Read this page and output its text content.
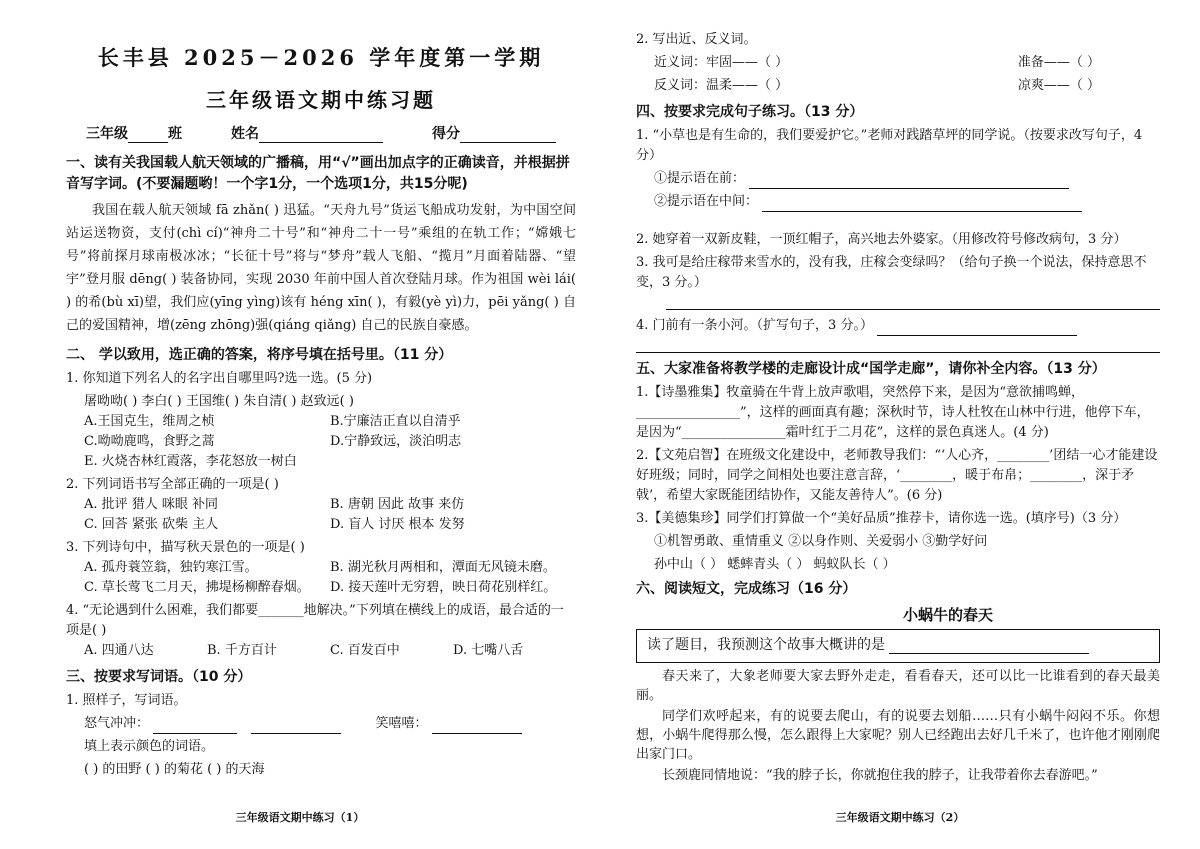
长丰县 2025－2026 学年度第一学期
三年级语文期中练习题
三年级	班	姓名	得分
一、读有关我国载人航天领域的广播稿，用“√”画出加点字的正确读音，并根据拼音写字词。(不要漏题哟！一个字1分，一个选项1分，共15分呢)
我国在载人航天领域 fā zhǎn( ) 迅猛。“天舟九号”货运飞船成功发射，为中国空间站运送物资，支付(chì cí)“神舟二十号”和“神舟二十一号”乘组的在轨工作；“嫦娥七号”将前探月球南极冰冰；“长征十号”将与“梦舟”载人飞船、“揽月”月面着陆器、“望宇”登月服 dēng( ) 装备协同，实现 2030 年前中国人首次登陆月球。作为祖国 wèi lái( ) 的希(bù xī)望，我们应(yīng yìng)该有 héng xīn( )，有毅(yè yì)力，pēi yǎng( ) 自己的爱国精神，增(zēng zhōng)强(qiáng qiǎng) 自己的民族自豪感。
二、 学以致用，选正确的答案，将序号填在括号里。（11 分）
1. 你知道下列名人的名字出自哪里吗?选一选。(5 分)
屠呦呦( ) 李白( ) 王国维( ) 朱自清( ) 赵致远( )
A.王国克生，维周之桢	B.宁廉洁正直以自清乎
C.呦呦鹿鸣，食野之蒿	D.宁静致远，淡泊明志
E. 火烧杏林红霞落，李花怒放一树白
2. 下列词语书写全部正确的一项是( )
A. 批评 猎人 咪眼 补同	B. 唐朝 因此 故事 来仿
C. 回荅 紧张 砍柴 主人	D. 盲人 讨厌 根本 发努
3. 下列诗句中，描写秋天景色的一项是( )
A. 孤舟蓑笠翁，独钓寒江雪。	B. 湖光秋月两相和，潭面无风镜未磨。
C. 草长莺飞二月天，拂堤杨柳醉春烟。	D. 接天莲叶无穷碧，映日荷花别样红。
4. “无论遇到什么困难，我们都要_______地解决。”下列填在横线上的成语，最合适的一项是( )
A. 四通八达	B. 千方百计	C. 百发百中	D. 七嘴八舌
三、按要求写词语。（10 分）
1. 照样子，写词语。
怒气冲冲：	笑嘻嘻：
填上表示颜色的词语。
( ) 的田野 ( ) 的菊花 ( ) 的天海
三年级语文期中练习（1）
2. 写出近、反义词。
近义词：牢固——（ ）	准备——（ ）
反义词：温柔——（ ）	凉爽——（ ）
四、按要求完成句子练习。（13 分）
1. “小草也是有生命的，我们要爱护它。”老师对践踏草坪的同学说。（按要求改写句子，4 分）
①提示语在前：
②提示语在中间：
2. 她穿着一双新皮鞋，一顶红帽子，高兴地去外婆家。（用修改符号修改病句，3 分）
3. 我可是给庄稼带来雪水的，没有我，庄稼会变绿吗？（给句子换一个说法，保持意思不变，3 分。）
4. 门前有一条小河。（扩写句子，3 分。）
五、大家准备将教学楼的走廊设计成“国学走廊”，请你补全内容。（13 分）
1.【诗墨雅集】牧童骑在牛背上放声歌唱，突然停下来，是因为“意欲捕鸣蝉，________________”，这样的画面真有趣；深秋时节，诗人杜牧在山林中行进，他停下车，是因为“________________霜叶红于二月花”，这样的景色真迷人。(4 分)
2.【文苑启智】在班级文化建设中，老师教导我们：“‘人心齐，________’团结一心才能建设好班级；同时，同学之间相处也要注意言辞，‘________，暖于布帛；________，深于矛戟’，希望大家既能团结协作，又能友善待人”。(6 分)
3.【美德集珍】同学们打算做一个“美好品质”推荐卡，请你选一选。(填序号)（3 分）
①机智勇敢、重情重义 ②以身作则、关爱弱小 ③勤学好问
孙中山（ ） 蟋蟀青头（ ） 蚂蚁队长（ ）
六、阅读短文，完成练习（16 分）
小蜗牛的春天
读了题目，我预测这个故事大概讲的是
春天来了，大象老师要大家去野外走走，看看春天，还可以比一比谁看到的春天最美丽。
同学们欢呼起来，有的说要去爬山，有的说要去划船……只有小蜗牛闷闷不乐。你想想，小蜗牛爬得那么慢，怎么跟得上大家呢？别人已经跑出去好几千米了，也许他才刚刚爬出家门口。
长颈鹿同情地说：“我的脖子长，你就抱住我的脖子，让我带着你去春游吧。”
三年级语文期中练习（2）
